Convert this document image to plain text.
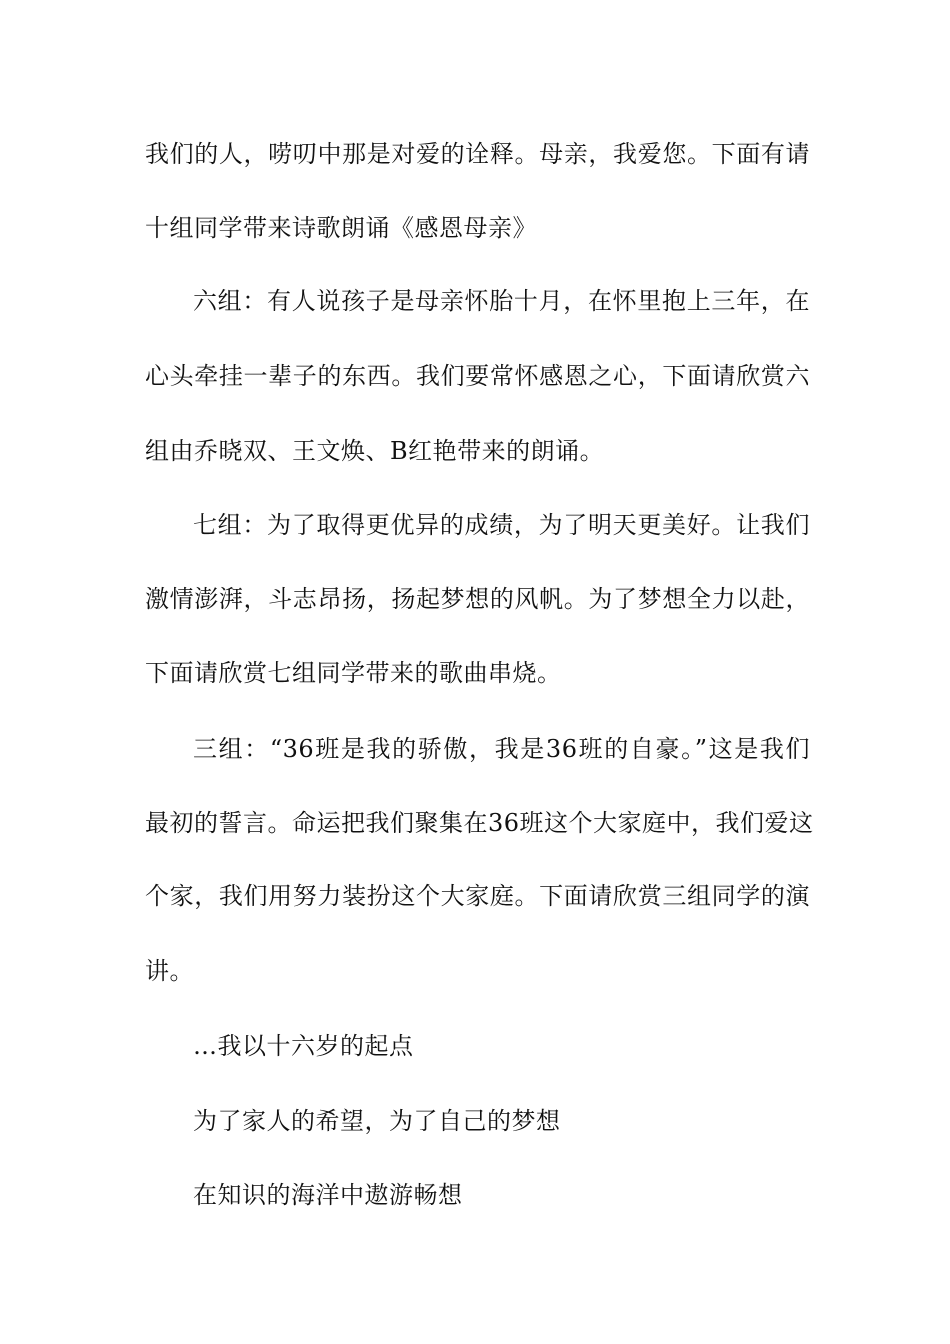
我们的人，唠叨中那是对爱的诠释。母亲，我爱您。下面有请
十组同学带来诗歌朗诵《感恩母亲》
六组：有人说孩子是母亲怀胎十月，在怀里抱上三年，在
心头牵挂一辈子的东西。我们要常怀感恩之心，下面请欣赏六
组由乔晓双、王文焕、B红艳带来的朗诵。
七组：为了取得更优异的成绩，为了明天更美好。让我们
激情澎湃，斗志昂扬，扬起梦想的风帆。为了梦想全力以赴，
下面请欣赏七组同学带来的歌曲串烧。
三组：“36班是我的骄傲，我是36班的自豪。”这是我们
最初的誓言。命运把我们聚集在36班这个大家庭中，我们爱这
个家，我们用努力装扮这个大家庭。下面请欣赏三组同学的演
讲。
…我以十六岁的起点
为了家人的希望，为了自己的梦想
在知识的海洋中遨游畅想
